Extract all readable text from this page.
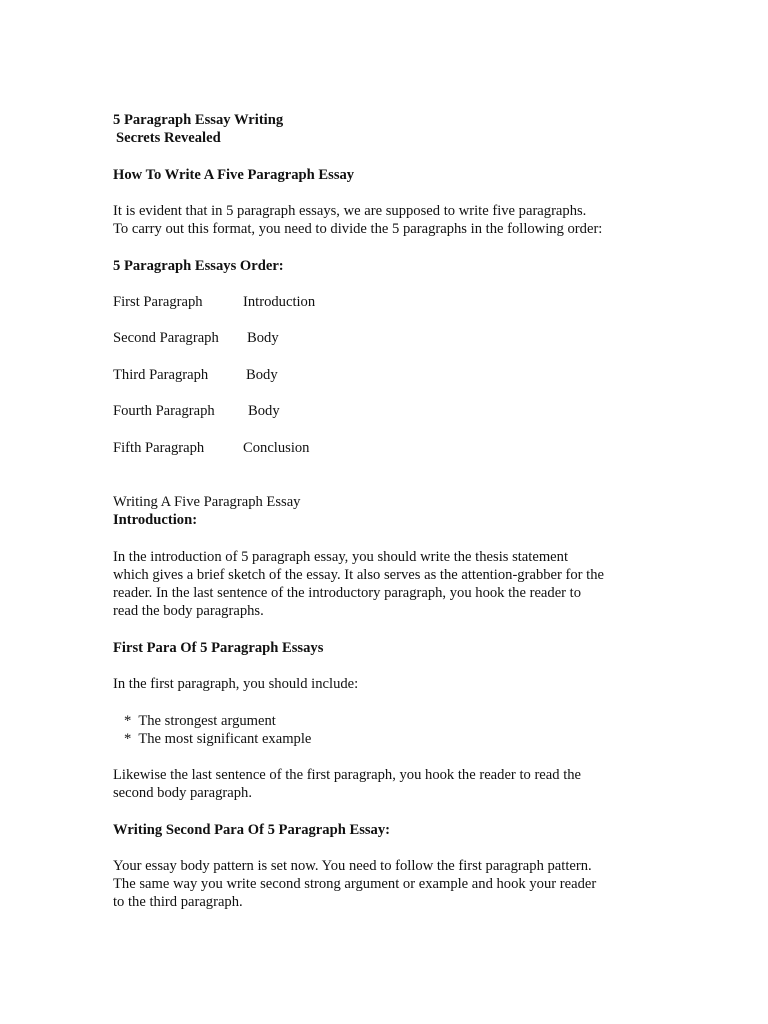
5 Paragraph Essay Writing
Secrets Revealed
How To Write A Five Paragraph Essay
It is evident that in 5 paragraph essays, we are supposed to write five paragraphs.
To carry out this format, you need to divide the 5 paragraphs in the following order:
5 Paragraph Essays Order:
First Paragraph	Introduction
Second Paragraph	Body
Third Paragraph	Body
Fourth Paragraph	Body
Fifth Paragraph	Conclusion
Writing A Five Paragraph Essay
Introduction:
In the introduction of 5 paragraph essay, you should write the thesis statement
which gives a brief sketch of the essay. It also serves as the attention-grabber for the
reader. In the last sentence of the introductory paragraph, you hook the reader to
read the body paragraphs.
First Para Of 5 Paragraph Essays
In the first paragraph, you should include:
*  The strongest argument
*  The most significant example
Likewise the last sentence of the first paragraph, you hook the reader to read the
second body paragraph.
Writing Second Para Of 5 Paragraph Essay:
Your essay body pattern is set now. You need to follow the first paragraph pattern.
The same way you write second strong argument or example and hook your reader
to the third paragraph.
